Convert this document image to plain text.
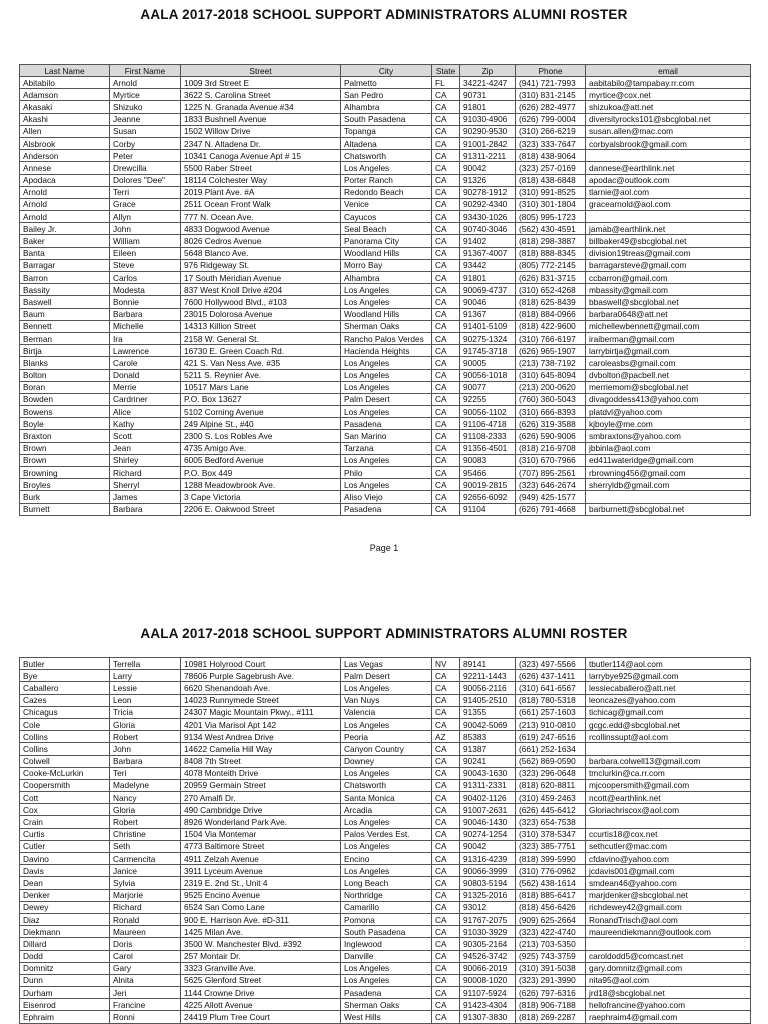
AALA 2017-2018 SCHOOL SUPPORT ADMINISTRATORS ALUMNI ROSTER
Last Name	First Name	Street	City	State	Zip	Phone	email
Abitabilo	Arnold	1009 3rd Street E	Palmetto	FL	34221-4247	(941) 721-7993	aabitabilo@tampabay.rr.com
Adamson	Myrtice	3622 S. Carolina Street	San Pedro	CA	90731	(310) 831-2145	myrtice@cox.net
Akasaki	Shizuko	1225 N. Granada Avenue #34	Alhambra	CA	91801	(626) 282-4977	shizukoa@att.net
Akashi	Jeanne	1833 Bushnell Avenue	South Pasadena	CA	91030-4906	(626) 799-0004	diversityrocks101@sbcglobal.net
Allen	Susan	1502 Willow Drive	Topanga	CA	90290-9530	(310) 266-6219	susan.allen@mac.com
Alsbrook	Corby	2347 N. Altadena Dr.	Altadena	CA	91001-2842	(323) 333-7647	corbyalsbrook@gmail.com
Anderson	Peter	10341 Canoga Avenue Apt # 15	Chatsworth	CA	91311-2211	(818) 438-9064	
Annese	Drewcilla	5500 Raber Street	Los Angeles	CA	90042	(323) 257-0169	dannese@earthlink.net
Apodaca	Dolores "Dee"	18114 Colchester Way	Porter Ranch	CA	91326	(818) 438-6848	apodac@outlook.com
Arnold	Terri	2019 Plant Ave. #A	Redondo Beach	CA	90278-1912	(310) 991-8525	tlarnie@aol.com
Arnold	Grace	2511 Ocean Front Walk	Venice	CA	90292-4340	(310) 301-1804	gracearnold@aol.com
Arnold	Allyn	777 N. Ocean Ave.	Cayucos	CA	93430-1026	(805) 995-1723	
Bailey Jr.	John	4833 Dogwood Avenue	Seal Beach	CA	90740-3046	(562) 430-4591	jamab@earthlink.net
Baker	William	8026 Cedros Avenue	Panorama City	CA	91402	(818) 298-3887	billbaker49@sbcglobal.net
Banta	Eileen	5648 Blanco Ave.	Woodland Hills	CA	91367-4007	(818) 888-8345	division19treas@gmail.com
Barragar	Steve	976 Ridgeway St.	Morro Bay	CA	93442	(805) 772-2145	barragarsteve@gmail.com
Barron	Carlos	17 South Meridian Avenue	Alhambra	CA	91801	(626) 831-3715	ccbarron@gmail.com
Bassity	Modesta	837 West Knoll Drive #204	Los Angeles	CA	90069-4737	(310) 652-4268	mbassity@gmail.com
Baswell	Bonnie	7600 Hollywood Blvd., #103	Los Angeles	CA	90046	(818) 625-8439	bbaswell@sbcglobal.net
Baum	Barbara	23015 Dolorosa Avenue	Woodland Hills	CA	91367	(818) 884-0966	barbara0648@att.net
Bennett	Michelle	14313 Killion Street	Sherman Oaks	CA	91401-5109	(818) 422-9600	michellewbennett@gmail.com
Berman	Ira	2158 W. General St.	Rancho Palos Verdes	CA	90275-1324	(310) 766-6197	iraiberman@gmail.com
Birtja	Lawrence	16730 E. Green Coach Rd.	Hacienda Heights	CA	91745-3718	(626) 965-1907	larrybirtja@gmail.com
Blanks	Carole	421 S. Van Ness Ave. #35	Los Angeles	CA	90005	(213) 738-7192	caroleasbs@gmail.com
Bolton	Donald	5211 S. Reynier Ave.	Los Angeles	CA	90056-1018	(310) 645-8094	dvbolton@pacbell.net
Boran	Merrie	10517 Mars Lane	Los Angeles	CA	90077	(213) 200-0620	merriemom@sbcglobal.net
Bowden	Cardriner	P.O. Box 13627	Palm Desert	CA	92255	(760) 360-5043	divagoddess413@yahoo.com
Bowens	Alice	5102 Corning Avenue	Los Angeles	CA	90056-1102	(310) 666-8393	platdvl@yahoo.com
Boyle	Kathy	249 Alpine St., #40	Pasadena	CA	91106-4718	(626) 319-3588	kjboyle@me.com
Braxton	Scott	2300 S. Los Robles Ave	San Marino	CA	91108-2333	(626) 590-9006	smbraxtons@yahoo.com
Brown	Jean	4735 Amigo Ave.	Tarzana	CA	91356-4501	(818) 216-9708	jbbinla@aol.com
Brown	Shirley	6005 Bedford Avenue	Los Angeles	CA	90083	(310) 670-7966	ed411wateridge@gmail.com
Browning	Richard	P.O. Box 449	Philo	CA	95466	(707) 895-2561	rbrowning456@gmail.com
Broyles	Sherryl	1288 Meadowbrook Ave.	Los Angeles	CA	90019-2815	(323) 646-2674	sherryldb@gmail.com
Burk	James	3 Cape Victoria	Aliso Viejo	CA	92656-6092	(949) 425-1577	
Burnett	Barbara	2206 E. Oakwood Street	Pasadena	CA	91104	(626) 791-4668	barburnett@sbcglobal.net
Page 1
AALA 2017-2018 SCHOOL SUPPORT ADMINISTRATORS ALUMNI ROSTER
Butler	Terrella	10981 Holyrood Court	Las Vegas	NV	89141	(323) 497-5566	tbutler114@aol.com
Bye	Larry	78606 Purple Sagebrush Ave.	Palm Desert	CA	92211-1443	(626) 437-1411	larrybye925@gmail.com
Caballero	Lessie	6620 Shenandoah Ave.	Los Angeles	CA	90056-2116	(310) 641-6567	lessiecaballero@att.net
Cazes	Leon	14023 Runnymede Street	Van Nuys	CA	91405-2510	(818) 780-5318	leoncazes@yahoo.com
Chicagus	Tricia	24307 Magic Mountain Pkwy., #111	Valencia	CA	91355	(661) 257-1603	tichicag@gmail.com
Cole	Gloria	4201 Via Marisol Apt 142	Los Angeles	CA	90042-5069	(213) 910-0810	gcgc.edd@sbcglobal.net
Collins	Robert	9134 West Andrea Drive	Peoria	AZ	85383	(619) 247-6516	rcollinssupt@aol.com
Collins	John	14622 Camelia Hill Way	Canyon Country	CA	91387	(661) 252-1634	
Colwell	Barbara	8408 7th Street	Downey	CA	90241	(562) 869-0590	barbara.colwell13@gmail.com
Cooke-McLurkin	Teri	4078 Monteith Drive	Los Angeles	CA	90043-1630	(323) 296-0648	tmclurkin@ca.rr.com
Coopersmith	Madelyne	20959 Germain Street	Chatsworth	CA	91311-2331	(818) 620-8811	mjcoopersmith@gmail.com
Cott	Nancy	270 Amalfi Dr.	Santa Monica	CA	90402-1126	(310) 459-2463	ncott@earthlink.net
Cox	Gloria	490 Cambridge Drive	Arcadia	CA	91007-2631	(626) 445-6412	Gloriachriscox@aol.com
Crain	Robert	8926 Wonderland Park Ave.	Los Angeles	CA	90046-1430	(323) 654-7538	
Curtis	Christine	1504 Via Montemar	Palos Verdes Est.	CA	90274-1254	(310) 378-5347	ccurtis18@cox.net
Cutler	Seth	4773 Baltimore Street	Los Angeles	CA	90042	(323) 385-7751	sethcutler@mac.com
Davino	Carmencita	4911 Zelzah Avenue	Encino	CA	91316-4239	(818) 399-5990	cfdavino@yahoo.com
Davis	Janice	3911 Lyceum Avenue	Los Angeles	CA	90066-3999	(310) 776-0962	jcdavis001@gmail.com
Dean	Sylvia	2319 E. 2nd St., Unit 4	Long Beach	CA	90803-5194	(562) 438-1614	smdean46@yahoo.com
Denker	Marjorie	9525 Encino Avenue	Northridge	CA	91325-2016	(818) 885-6417	marjdenker@sbcglobal.net
Dewey	Richard	6524 San Como Lane	Camarillo	CA	93012	(818) 456-6426	richdewey42@gmail.com
Diaz	Ronald	900 E. Harrison Ave. #D-311	Pomona	CA	91767-2075	(909) 625-2664	RonandTrisch@aol.com
Diekmann	Maureen	1425 Milan Ave.	South Pasadena	CA	91030-3929	(323) 422-4740	maureendiekmann@outlook.com
Dillard	Doris	3500 W. Manchester Blvd. #392	Inglewood	CA	90305-2164	(213) 703-5350	
Dodd	Carol	257 Montair Dr.	Danville	CA	94526-3742	(925) 743-3759	caroldodd5@comcast.net
Domnitz	Gary	3323 Granville Ave.	Los Angeles	CA	90066-2019	(310) 391-5038	gary.domnitz@gmail.com
Dunn	Alnita	5625 Glenford Street	Los Angeles	CA	90008-1020	(323) 291-3990	nita95@aol.com
Durham	Jeri	1144 Crowne Drive	Pasadena	CA	91107-5924	(626) 797-6316	jrd18@sbcglobal.net
Eisenrod	Francine	4225 Allott Avenue	Sherman Oaks	CA	91423-4304	(818) 906-7188	hellofrancine@yahoo.com
Ephraim	Ronni	24419 Plum Tree Court	West Hills	CA	91307-3830	(818) 269-2287	raephraim4@gmail.com
